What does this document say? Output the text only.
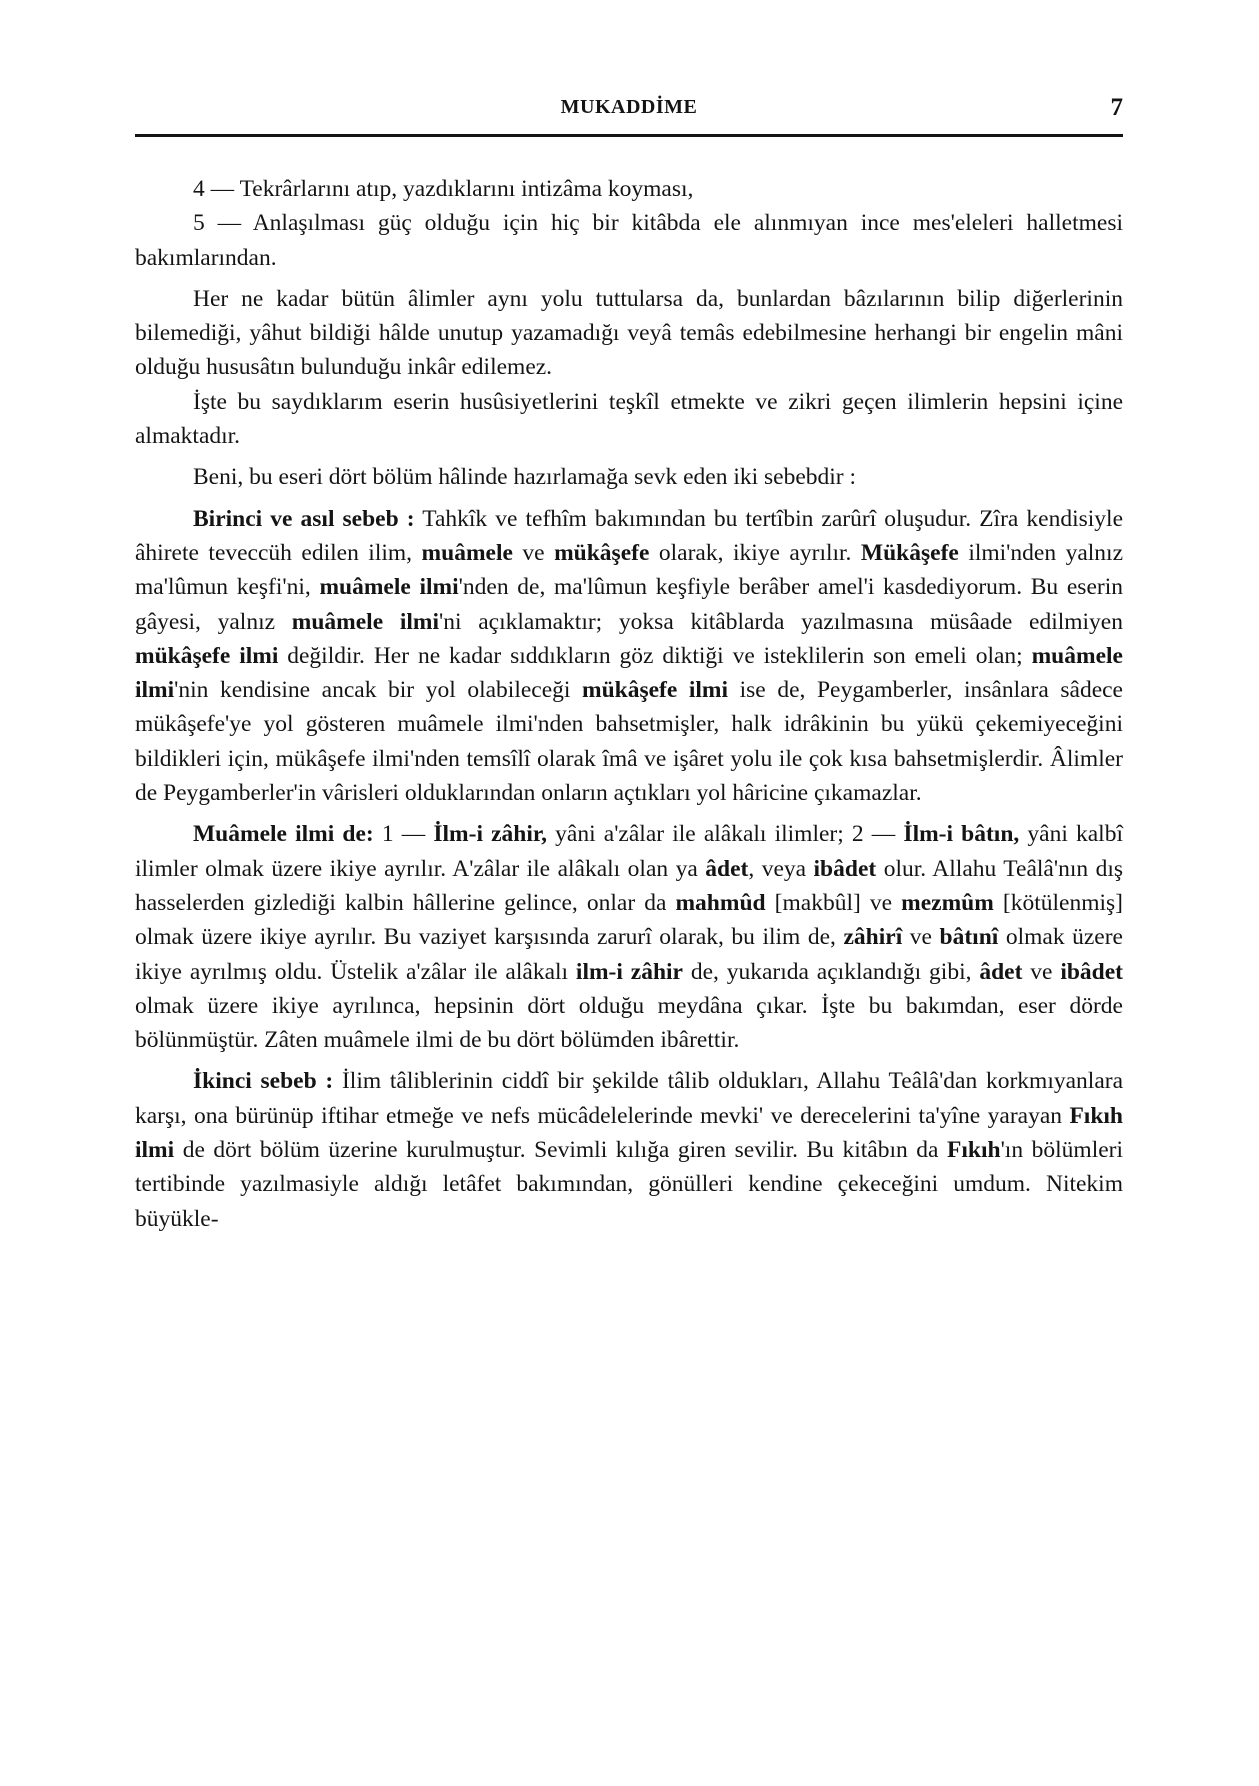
MUKADDİME	7

4 — Tekrârlarını atıp, yazdıklarını intizâma koyması,

5 — Anlaşılması güç olduğu için hiç bir kitâbda ele alınmıyan ince mes'eleleri halletmesi bakımlarından.

Her ne kadar bütün âlimler aynı yolu tuttularsa da, bunlardan bâzılarının bilip diğerlerinin bilemediği, yâhut bildiği hâlde unutup yazamadığı veyâ temâs edebilmesine herhangi bir engelin mâni olduğu hususâtın bulunduğu inkâr edilemez.

İşte bu saydıklarım eserin husûsiyetlerini teşkîl etmekte ve zikri geçen ilimlerin hepsini içine almaktadır.

Beni, bu eseri dört bölüm hâlinde hazırlamağa sevk eden iki sebebdir :

Birinci ve asıl sebeb : Tahkîk ve tefhîm bakımından bu tertîbin zarûrî oluşudur. Zîra kendisiyle âhirete teveccüh edilen ilim, muâmele ve mükâşefe olarak, ikiye ayrılır. Mükâşefe ilmi'nden yalnız ma'lûmun keşfi'ni, muâmele ilmi'nden de, ma'lûmun keşfiyle berâber amel'i kasdediyorum. Bu eserin gâyesi, yalnız muâmele ilmi'ni açıklamaktır; yoksa kitâblarda yazılmasına müsâade edilmiyen mükâşefe ilmi değildir. Her ne kadar sıddıkların göz diktiği ve isteklilerin son emeli olan; muâmele ilmi'nin kendisine ancak bir yol olabileceği mükâşefe ilmi ise de, Peygamberler, insânlara sâdece mükâşefe'ye yol gösteren muâmele ilmi'nden bahsetmişler, halk idrâkinin bu yükü çekemiyeceğini bildikleri için, mükâşefe ilmi'nden temsîlî olarak îmâ ve işâret yolu ile çok kısa bahsetmişlerdir. Âlimler de Peygamberler'in vârisleri olduklarından onların açtıkları yol hâricine çıkamazlar.

Muâmele ilmi de: 1 — İlm-i zâhir, yâni a'zâlar ile alâkalı ilimler; 2 — İlm-i bâtın, yâni kalbî ilimler olmak üzere ikiye ayrılır. A'zâlar ile alâkalı olan ya âdet, veya ibâdet olur. Allahu Teâlâ'nın dış hasselerden gizlediği kalbin hâllerine gelince, onlar da mahmûd [makbûl] ve mezmûm [kötülenmiş] olmak üzere ikiye ayrılır. Bu vaziyet karşısında zarurî olarak, bu ilim de, zâhirî ve bâtınî olmak üzere ikiye ayrılmış oldu. Üstelik a'zâlar ile alâkalı ilm-i zâhir de, yukarıda açıklandığı gibi, âdet ve ibâdet olmak üzere ikiye ayrılınca, hepsinin dört olduğu meydâna çıkar. İşte bu bakımdan, eser dörde bölünmüştür. Zâten muâmele ilmi de bu dört bölümden ibârettir.

İkinci sebeb : İlim tâliblerinin ciddî bir şekilde tâlib oldukları, Allahu Teâlâ'dan korkmıyanlara karşı, ona bürünüp iftihar etmeğe ve nefs mücâdelelerinde mevki' ve derecelerini ta'yîne yarayan Fıkıh ilmi de dört bölüm üzerine kurulmuştur. Sevimli kılığa giren sevilir. Bu kitâbın da Fıkıh'ın bölümleri tertibinde yazılmasiyle aldığı letâfet bakımından, gönülleri kendine çekeceğini umdum. Nitekim büyükle-
